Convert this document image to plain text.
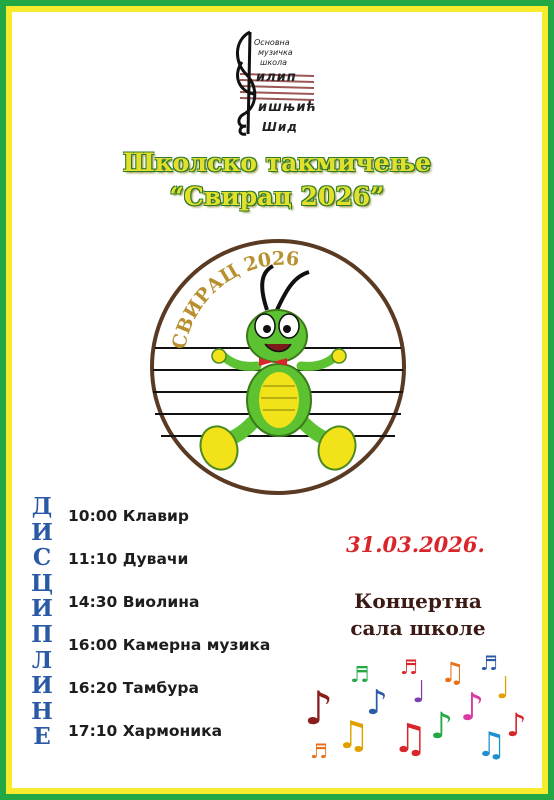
Основна
музичка
школа
илип
ишњић
Шид
Школско такмичење
“Свирац 2026”
СВИРАЦ 2026
Д
И
С
Ц
И
П
Л
И
Н
Е
10:00 Клавир
11:10 Дувачи
14:30 Виолина
16:00 Камерна музика
16:20 Тамбура
17:10 Хармоника
31.03.2026.
Концертна
сала школе
♪ ♫
♪
♫
♩
♪
♫
♪
♫
♩
♪
♬ ♬	♬
♬
